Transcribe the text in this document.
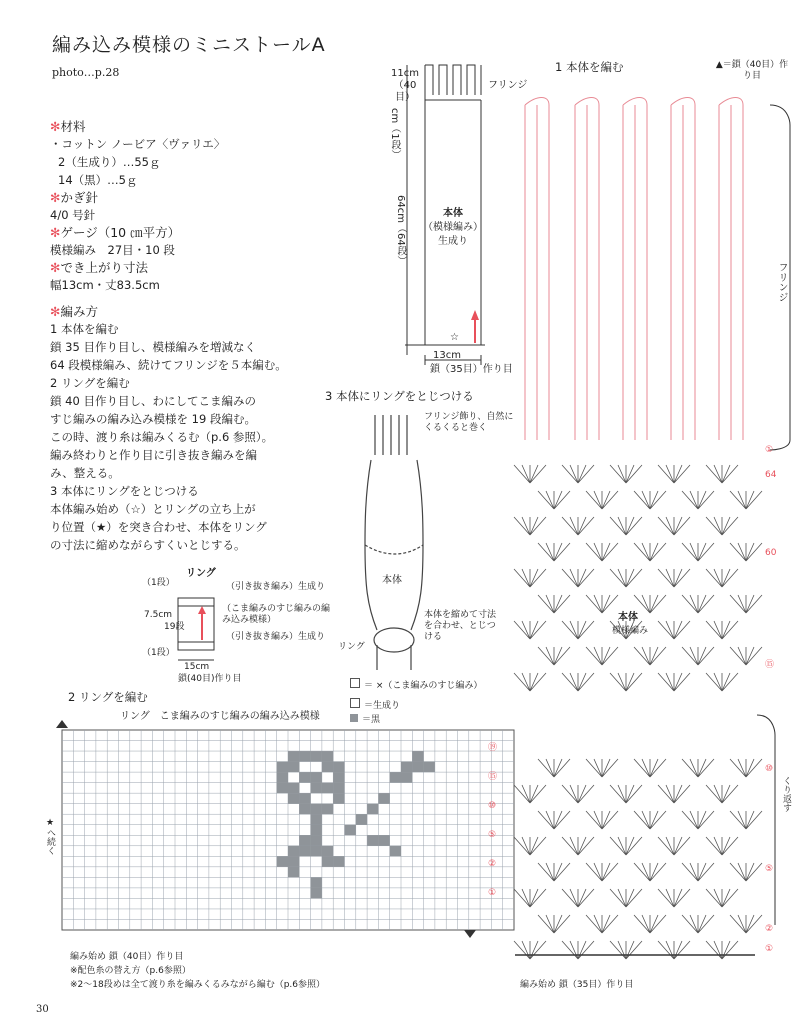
編み込み模様のミニストールA
photo…p.28
✻材料
・コットン ノービア〈ヴァリエ〉
2（生成り）…55ｇ
14（黒）…5ｇ
✻かぎ針
4/0 号針
✻ゲージ（10 ㎝平方）
模様編み　27目・10 段
✻でき上がり寸法
幅13cm・丈83.5cm
✻編み方
1 本体を編む
鎖 35 目作り目し、模様編みを増減なく
64 段模様編み、続けてフリンジを５本編む。
2 リングを編む
鎖 40 目作り目し、わにしてこま編みの
すじ編みの編み込み模様を 19 段編む。
この時、渡り糸は編みくるむ（p.6 参照）。
編み終わりと作り目に引き抜き編みを編
み、整える。
3 本体にリングをとじつける
本体編み始め（☆）とリングの立ち上が
り位置（★）を突き合わせ、本体をリング
の寸法に縮めながらすくいとじする。
11cm（40目）
フリンジ
cm（1段）
64cm（64段）	本体
（模様編み）
生成り
☆
13cm
鎖（35目）作り目
3 本体にリングをとじつける
フリンジ飾り、自然にくるくると巻く
本体
本体を縮めて寸法を合わせ、とじつける
リング
リング
（引き抜き編み）生成り
（こま編みのすじ編みの編み込み模様）
（引き抜き編み）生成り
（1段）
7.5cm
19段
（1段）
15cm
鎖(40目)作り目
＝ ×（こま編みのすじ編み）
＝生成り
＝黒
2 リングを編む
リング　こま編みのすじ編みの編み込み模様
⑲
⑮
⑩
⑤
②
①
★へ続く
編み始め 鎖（40目）作り目
※配色糸の替え方（p.6参照）
※2〜18段めは全て渡り糸を編みくるみながら編む（p.6参照）
1 本体を編む	▲＝鎖（40目）作り目
フリンジ
本体
模様編み
くり返す
①
64
60
⑮
⑩
⑤
②
①
編み始め 鎖（35目）作り目
30
